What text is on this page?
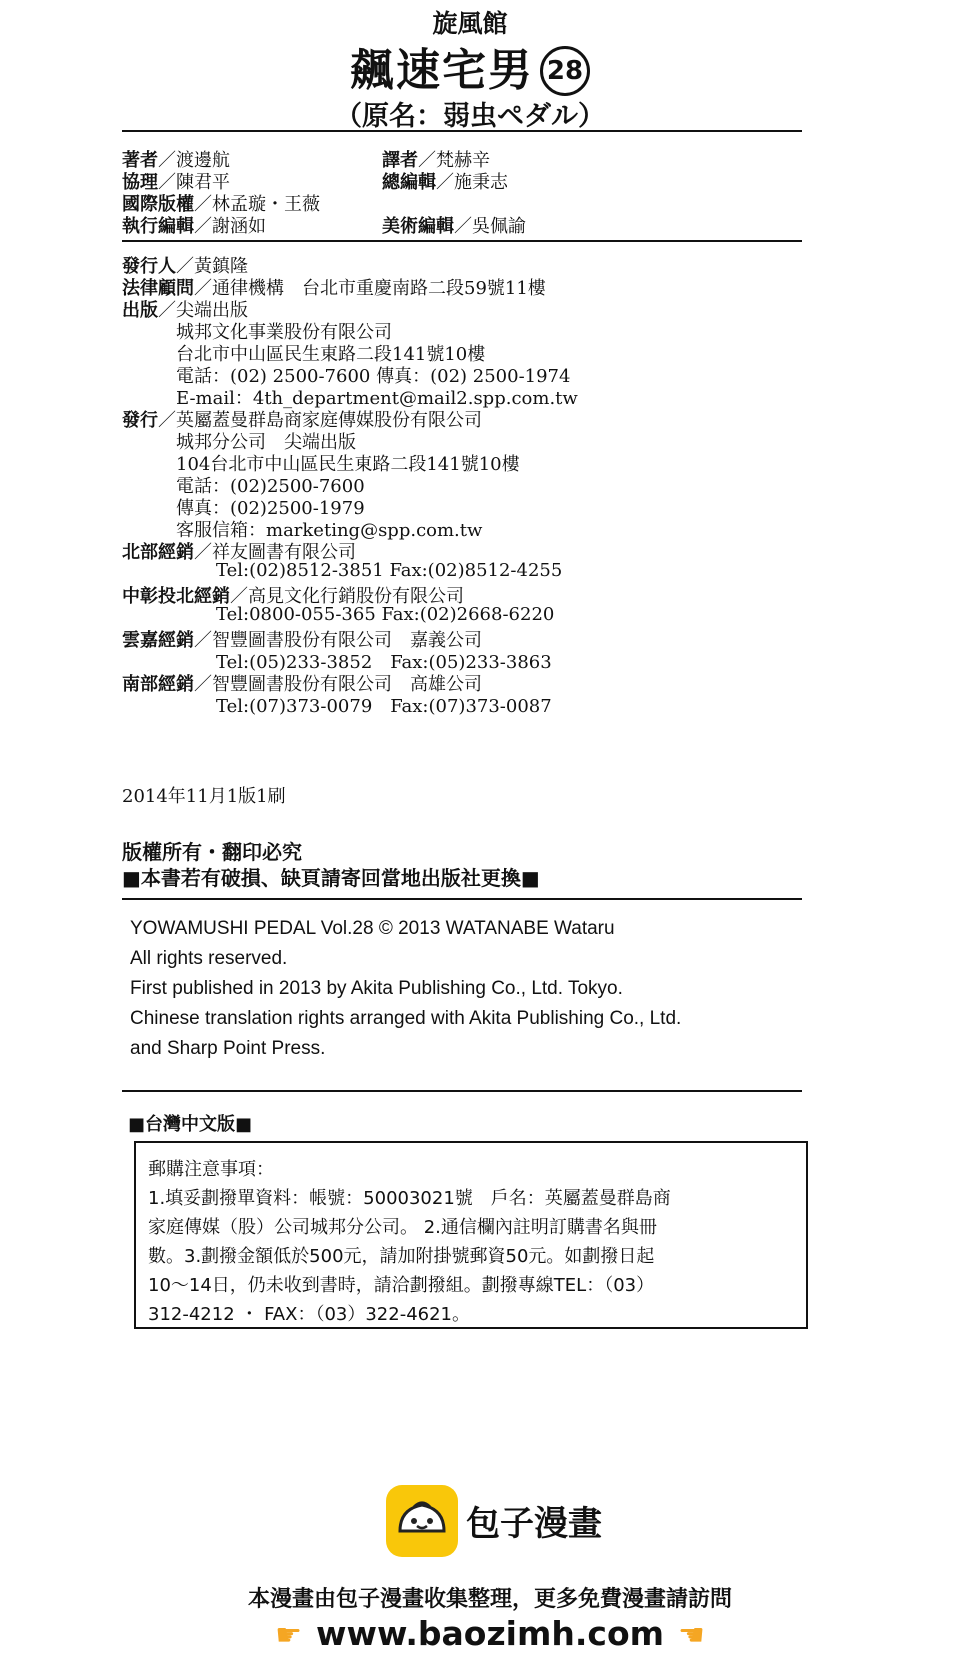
旋風館
飆速宅男 28
（原名：弱虫ペダル）
著者／渡邊航	譯者／梵赫辛
協理／陳君平	總編輯／施秉志
國際版權／林孟璇・王薇
執行編輯／謝涵如	美術編輯／吳佩諭
發行人／黃鎮隆
法律顧問／通律機構　台北市重慶南路二段59號11樓
出版／尖端出版
城邦文化事業股份有限公司
台北市中山區民生東路二段141號10樓
電話：(02) 2500-7600 傳真：(02) 2500-1974
E-mail：4th_department@mail2.spp.com.tw
發行／英屬蓋曼群島商家庭傳媒股份有限公司
城邦分公司　尖端出版
104台北市中山區民生東路二段141號10樓
電話：(02)2500-7600
傳真：(02)2500-1979
客服信箱：marketing@spp.com.tw
北部經銷／祥友圖書有限公司
Tel:(02)8512-3851 Fax:(02)8512-4255
中彰投北經銷／高見文化行銷股份有限公司
Tel:0800-055-365 Fax:(02)2668-6220
雲嘉經銷／智豐圖書股份有限公司　嘉義公司
Tel:(05)233-3852　Fax:(05)233-3863
南部經銷／智豐圖書股份有限公司　高雄公司
Tel:(07)373-0079　Fax:(07)373-0087
2014年11月1版1刷
版權所有・翻印必究
■本書若有破損、缺頁請寄回當地出版社更換■
YOWAMUSHI PEDAL Vol.28 © 2013 WATANABE Wataru
All rights reserved.
First published in 2013 by Akita Publishing Co., Ltd. Tokyo.
Chinese translation rights arranged with Akita Publishing Co., Ltd.
and Sharp Point Press.
■台灣中文版■

郵購注意事項：

1.填妥劃撥單資料：帳號：50003021號　戶名：英屬蓋曼群島商

家庭傳媒（股）公司城邦分公司。 2.通信欄內註明訂購書名與冊

數。3.劃撥金額低於500元，請加附掛號郵資50元。如劃撥日起

10～14日，仍未收到書時，請洽劃撥組。劃撥專線TEL：（03）

312-4212 ・ FAX：（03）322-4621。

包子漫畫
本漫畫由包子漫畫收集整理，更多免費漫畫請訪問
☛ www.baozimh.com ☚
